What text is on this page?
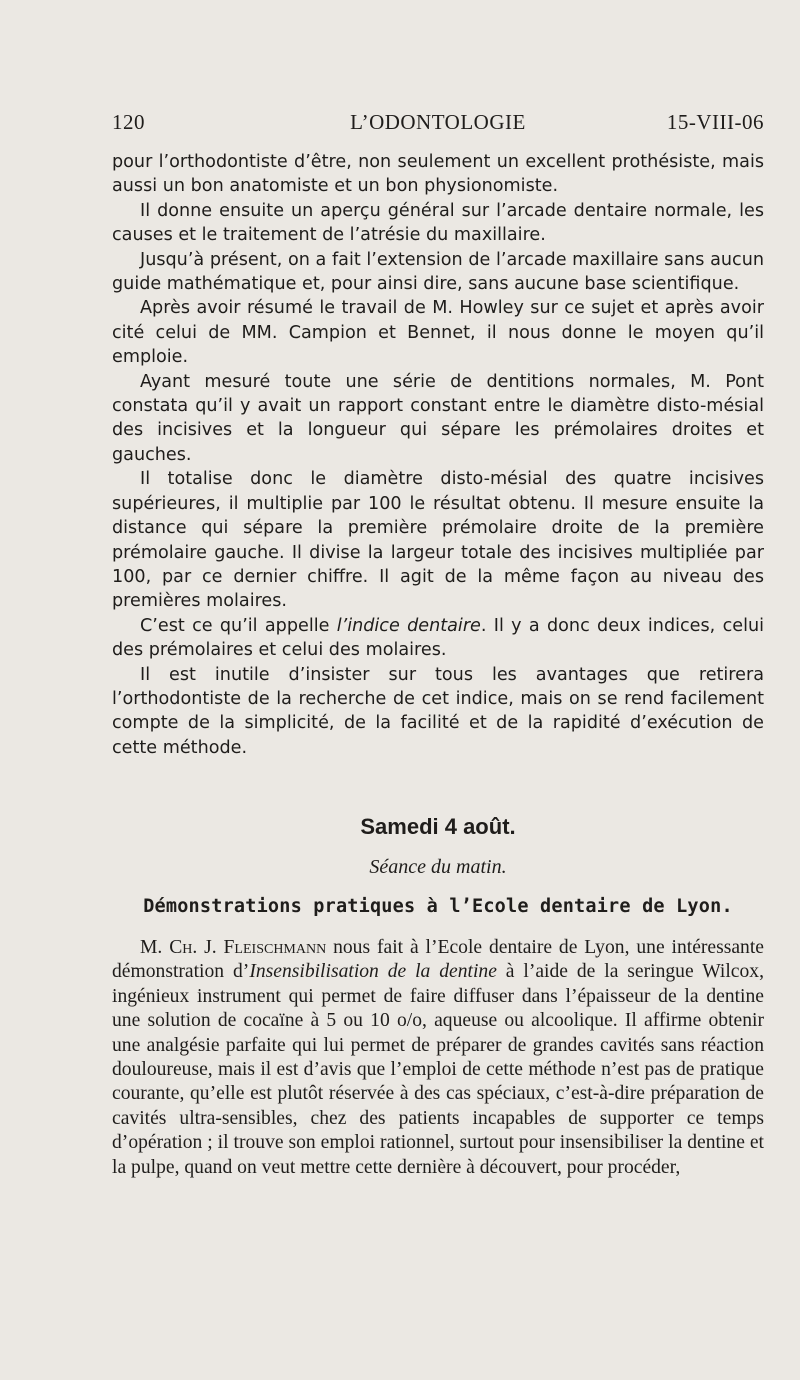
120	L’ODONTOLOGIE	15-VIII-06

pour l’orthodontiste d’être, non seulement un excellent prothésiste, mais aussi un bon anatomiste et un bon physionomiste.

Il donne ensuite un aperçu général sur l’arcade dentaire normale, les causes et le traitement de l’atrésie du maxillaire.

Jusqu’à présent, on a fait l’extension de l’arcade maxillaire sans aucun guide mathématique et, pour ainsi dire, sans aucune base scientifique.

Après avoir résumé le travail de M. Howley sur ce sujet et après avoir cité celui de MM. Campion et Bennet, il nous donne le moyen qu’il emploie.

Ayant mesuré toute une série de dentitions normales, M. Pont constata qu’il y avait un rapport constant entre le diamètre disto-mésial des incisives et la longueur qui sépare les prémolaires droites et gauches.

Il totalise donc le diamètre disto-mésial des quatre incisives supérieures, il multiplie par 100 le résultat obtenu. Il mesure ensuite la distance qui sépare la première prémolaire droite de la première prémolaire gauche. Il divise la largeur totale des incisives multipliée par 100, par ce dernier chiffre. Il agit de la même façon au niveau des premières molaires.

C’est ce qu’il appelle l’indice dentaire. Il y a donc deux indices, celui des prémolaires et celui des molaires.

Il est inutile d’insister sur tous les avantages que retirera l’orthodontiste de la recherche de cet indice, mais on se rend facilement compte de la simplicité, de la facilité et de la rapidité d’exécution de cette méthode.

Samedi 4 août.
Séance du matin.
Démonstrations pratiques à l’Ecole dentaire de Lyon.

M. Ch. J. Fleischmann nous fait à l’Ecole dentaire de Lyon, une intéressante démonstration d’Insensibilisation de la dentine à l’aide de la seringue Wilcox, ingénieux instrument qui permet de faire diffuser dans l’épaisseur de la dentine une solution de cocaïne à 5 ou 10 o/o, aqueuse ou alcoolique. Il affirme obtenir une analgésie parfaite qui lui permet de préparer de grandes cavités sans réaction douloureuse, mais il est d’avis que l’emploi de cette méthode n’est pas de pratique courante, qu’elle est plutôt réservée à des cas spéciaux, c’est-à-dire préparation de cavités ultra-sensibles, chez des patients incapables de supporter ce temps d’opération ; il trouve son emploi rationnel, surtout pour insensibiliser la dentine et la pulpe, quand on veut mettre cette dernière à découvert, pour procéder,
